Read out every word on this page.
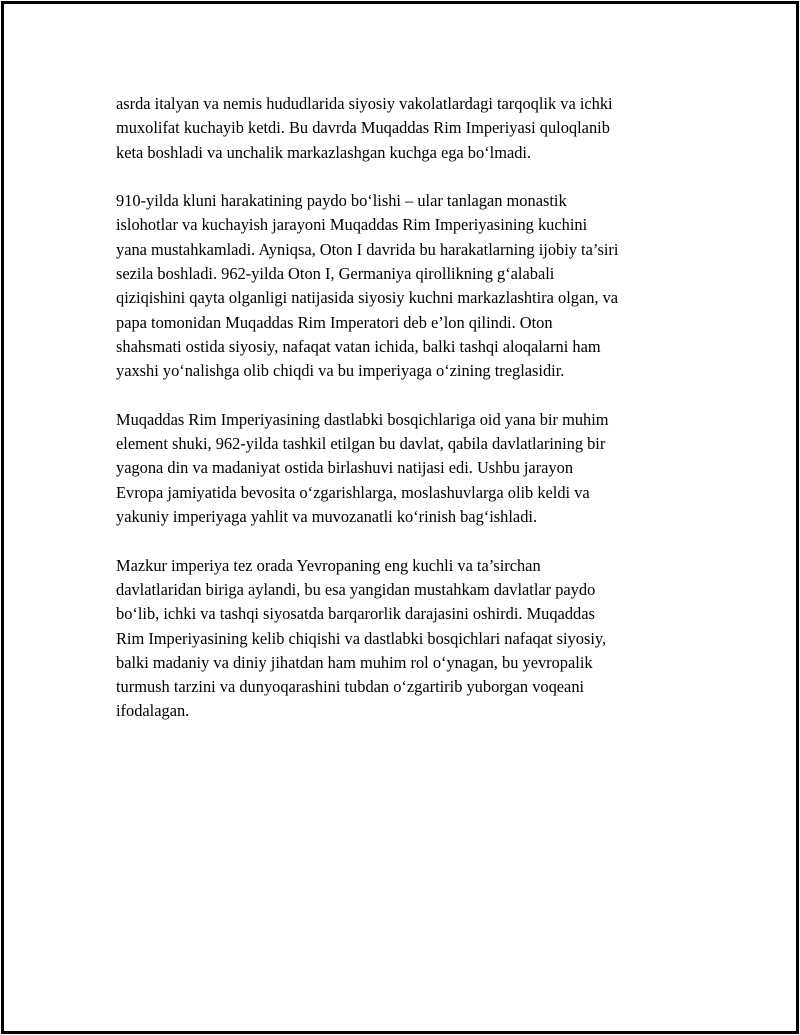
asrda italyan va nemis hududlarida siyosiy vakolatlardagi tarqoqlik va ichki
muxolifat kuchayib ketdi. Bu davrda Muqaddas Rim Imperiyasi quloqlanib
keta boshladi va unchalik markazlashgan kuchga ega bo‘lmadi.

910-yilda kluni harakatining paydo bo‘lishi – ular tanlagan monastik
islohotlar va kuchayish jarayoni Muqaddas Rim Imperiyasining kuchini
yana mustahkamladi. Ayniqsa, Oton I davrida bu harakatlarning ijobiy ta’siri
sezila boshladi. 962-yilda Oton I, Germaniya qirollikning g‘alabali
qiziqishini qayta olganligi natijasida siyosiy kuchni markazlashtira olgan, va
papa tomonidan Muqaddas Rim Imperatori deb e’lon qilindi. Oton
shahsmati ostida siyosiy, nafaqat vatan ichida, balki tashqi aloqalarni ham
yaxshi yo‘nalishga olib chiqdi va bu imperiyaga o‘zining treglasidir.

Muqaddas Rim Imperiyasining dastlabki bosqichlariga oid yana bir muhim
element shuki, 962-yilda tashkil etilgan bu davlat, qabila davlatlarining bir
yagona din va madaniyat ostida birlashuvi natijasi edi. Ushbu jarayon
Evropa jamiyatida bevosita o‘zgarishlarga, moslashuvlarga olib keldi va
yakuniy imperiyaga yahlit va muvozanatli ko‘rinish bag‘ishladi.

Mazkur imperiya tez orada Yevropaning eng kuchli va ta’sirchan
davlatlaridan biriga aylandi, bu esa yangidan mustahkam davlatlar paydo
bo‘lib, ichki va tashqi siyosatda barqarorlik darajasini oshirdi. Muqaddas
Rim Imperiyasining kelib chiqishi va dastlabki bosqichlari nafaqat siyosiy,
balki madaniy va diniy jihatdan ham muhim rol o‘ynagan, bu yevropalik
turmush tarzini va dunyoqarashini tubdan o‘zgartirib yuborgan voqeani
ifodalagan.
